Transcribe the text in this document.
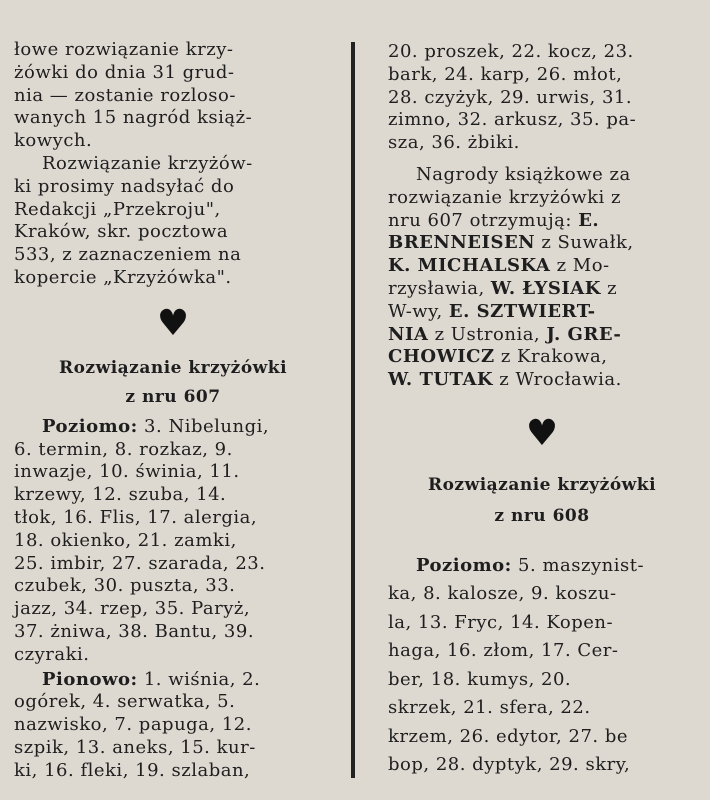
łowe rozwiązanie krzy-
żówki do dnia 31 grud-
nia — zostanie rozloso-
wanych 15 nagród książ-
kowych.
Rozwiązanie krzyżów-
ki prosimy nadsyłać do
Redakcji „Przekroju",
Kraków, skr. pocztowa
533, z zaznaczeniem na
kopercie „Krzyżówka".
♥
Rozwiązanie krzyżówki
z nru 607
Poziomo: 3. Nibelungi,
6. termin, 8. rozkaz, 9.
inwazje, 10. świnia, 11.
krzewy, 12. szuba, 14.
tłok, 16. Flis, 17. alergia,
18. okienko, 21. zamki,
25. imbir, 27. szarada, 23.
czubek, 30. puszta, 33.
jazz, 34. rzep, 35. Paryż,
37. żniwa, 38. Bantu, 39.
czyraki.
Pionowo: 1. wiśnia, 2.
ogórek, 4. serwatka, 5.
nazwisko, 7. papuga, 12.
szpik, 13. aneks, 15. kur-
ki, 16. fleki, 19. szlaban,
20. proszek, 22. kocz, 23.
bark, 24. karp, 26. młot,
28. czyżyk, 29. urwis, 31.
zimno, 32. arkusz, 35. pa-
sza, 36. żbiki.
Nagrody książkowe za
rozwiązanie krzyżówki z
nru 607 otrzymują: E.
BRENNEISEN z Suwałk,
K. MICHALSKA z Mo-
rzysławia, W. ŁYSIAK z
W-wy, E. SZTWIERT-
NIA z Ustronia, J. GRE-
CHOWICZ z Krakowa,
W. TUTAK z Wrocławia.
♥
Rozwiązanie krzyżówki
z nru 608
Poziomo: 5. maszynist-
ka, 8. kalosze, 9. koszu-
la, 13. Fryc, 14. Kopen-
haga, 16. złom, 17. Cer-
ber, 18. kumys, 20.
skrzek, 21. sfera, 22.
krzem, 26. edytor, 27. be
bop, 28. dyptyk, 29. skry,
